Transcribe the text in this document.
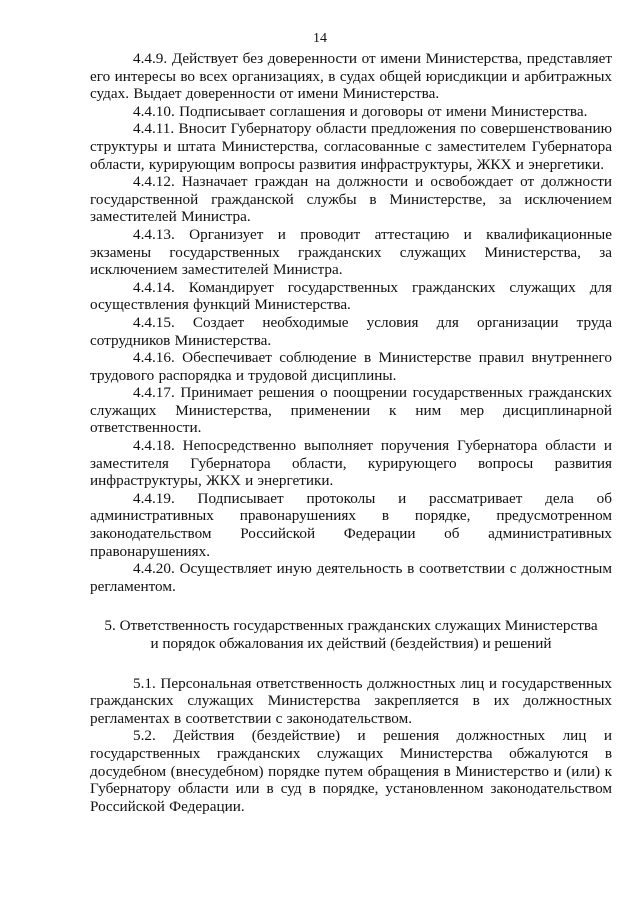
14

4.4.9. Действует без доверенности от имени Министерства, представляет его интересы во всех организациях, в судах общей юрисдикции и арбитражных судах. Выдает доверенности от имени Министерства.

4.4.10. Подписывает соглашения и договоры от имени Министерства.

4.4.11. Вносит Губернатору области предложения по совершенствованию структуры и штата Министерства, согласованные с заместителем Губернатора области, курирующим вопросы развития инфраструктуры, ЖКХ и энергетики.

4.4.12. Назначает граждан на должности и освобождает от должности государственной гражданской службы в Министерстве, за исключением заместителей Министра.

4.4.13. Организует и проводит аттестацию и квалификационные экзамены государственных гражданских служащих Министерства, за исключением заместителей Министра.

4.4.14. Командирует государственных гражданских служащих для осуществления функций Министерства.

4.4.15. Создает необходимые условия для организации труда сотрудников Министерства.

4.4.16. Обеспечивает соблюдение в Министерстве правил внутреннего трудового распорядка и трудовой дисциплины.

4.4.17. Принимает решения о поощрении государственных гражданских служащих Министерства, применении к ним мер дисциплинарной ответственности.

4.4.18. Непосредственно выполняет поручения Губернатора области и заместителя Губернатора области, курирующего вопросы развития инфраструктуры, ЖКХ и энергетики.

4.4.19. Подписывает протоколы и рассматривает дела об административных правонарушениях в порядке, предусмотренном законодательством Российской Федерации об административных правонарушениях.

4.4.20. Осуществляет иную деятельность в соответствии с должностным регламентом.

5. Ответственность государственных гражданских служащих Министерства
и порядок обжалования их действий (бездействия) и решений

5.1. Персональная ответственность должностных лиц и государственных гражданских служащих Министерства закрепляется в их должностных регламентах в соответствии с законодательством.

5.2. Действия (бездействие) и решения должностных лиц и государственных гражданских служащих Министерства обжалуются в досудебном (внесудебном) порядке путем обращения в Министерство и (или) к Губернатору области или в суд в порядке, установленном законодательством Российской Федерации.
